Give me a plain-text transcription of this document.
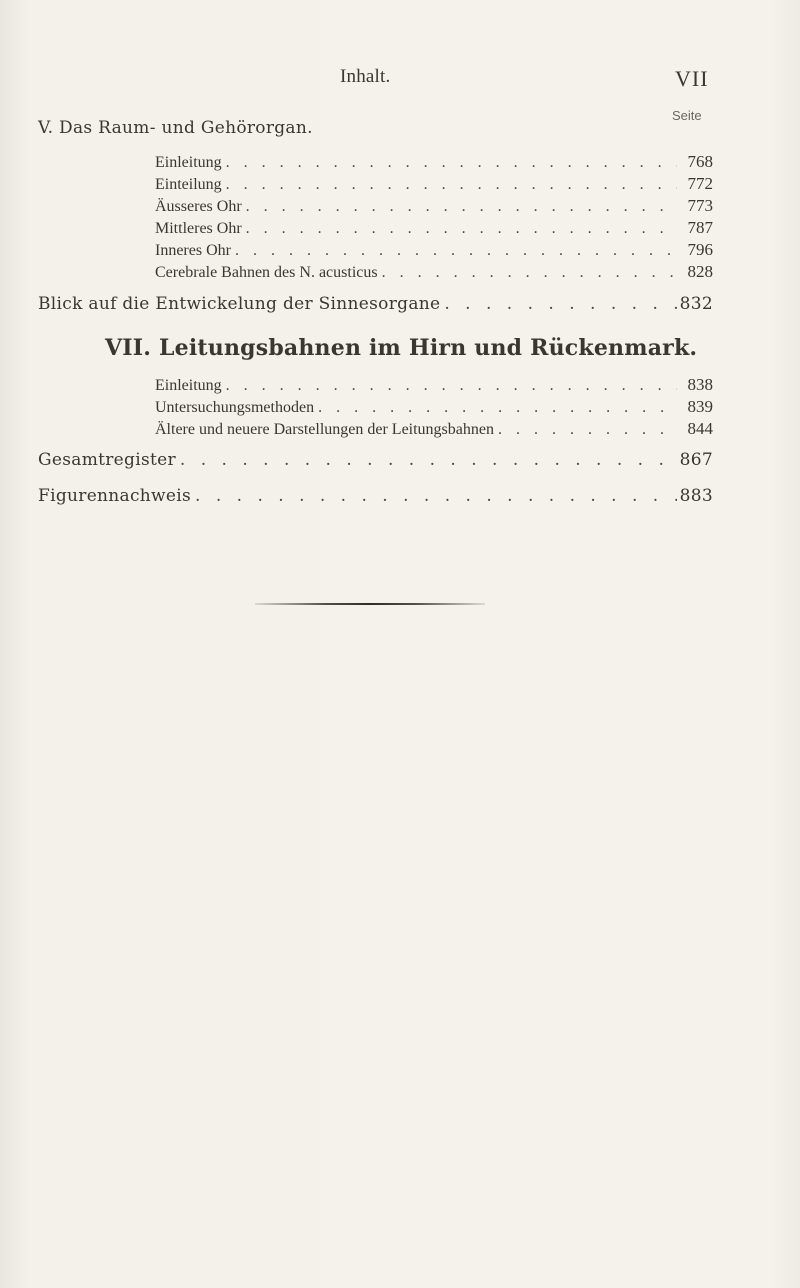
Inhalt.	VII
Seite
V. Das Raum- und Gehörorgan.
Einleitung . . .	768
Einteilung . . .	772
Äusseres Ohr . . .	773
Mittleres Ohr . . .	787
Inneres Ohr . . .	796
Cerebrale Bahnen des N. acusticus . . .	828
Blick auf die Entwickelung der Sinnesorgane . . .	832
VII. Leitungsbahnen im Hirn und Rückenmark.
Einleitung . . .	838
Untersuchungsmethoden . . .	839
Ältere und neuere Darstellungen der Leitungsbahnen . . .	844
Gesamtregister . . .	867
Figurennachweis . . .	883
